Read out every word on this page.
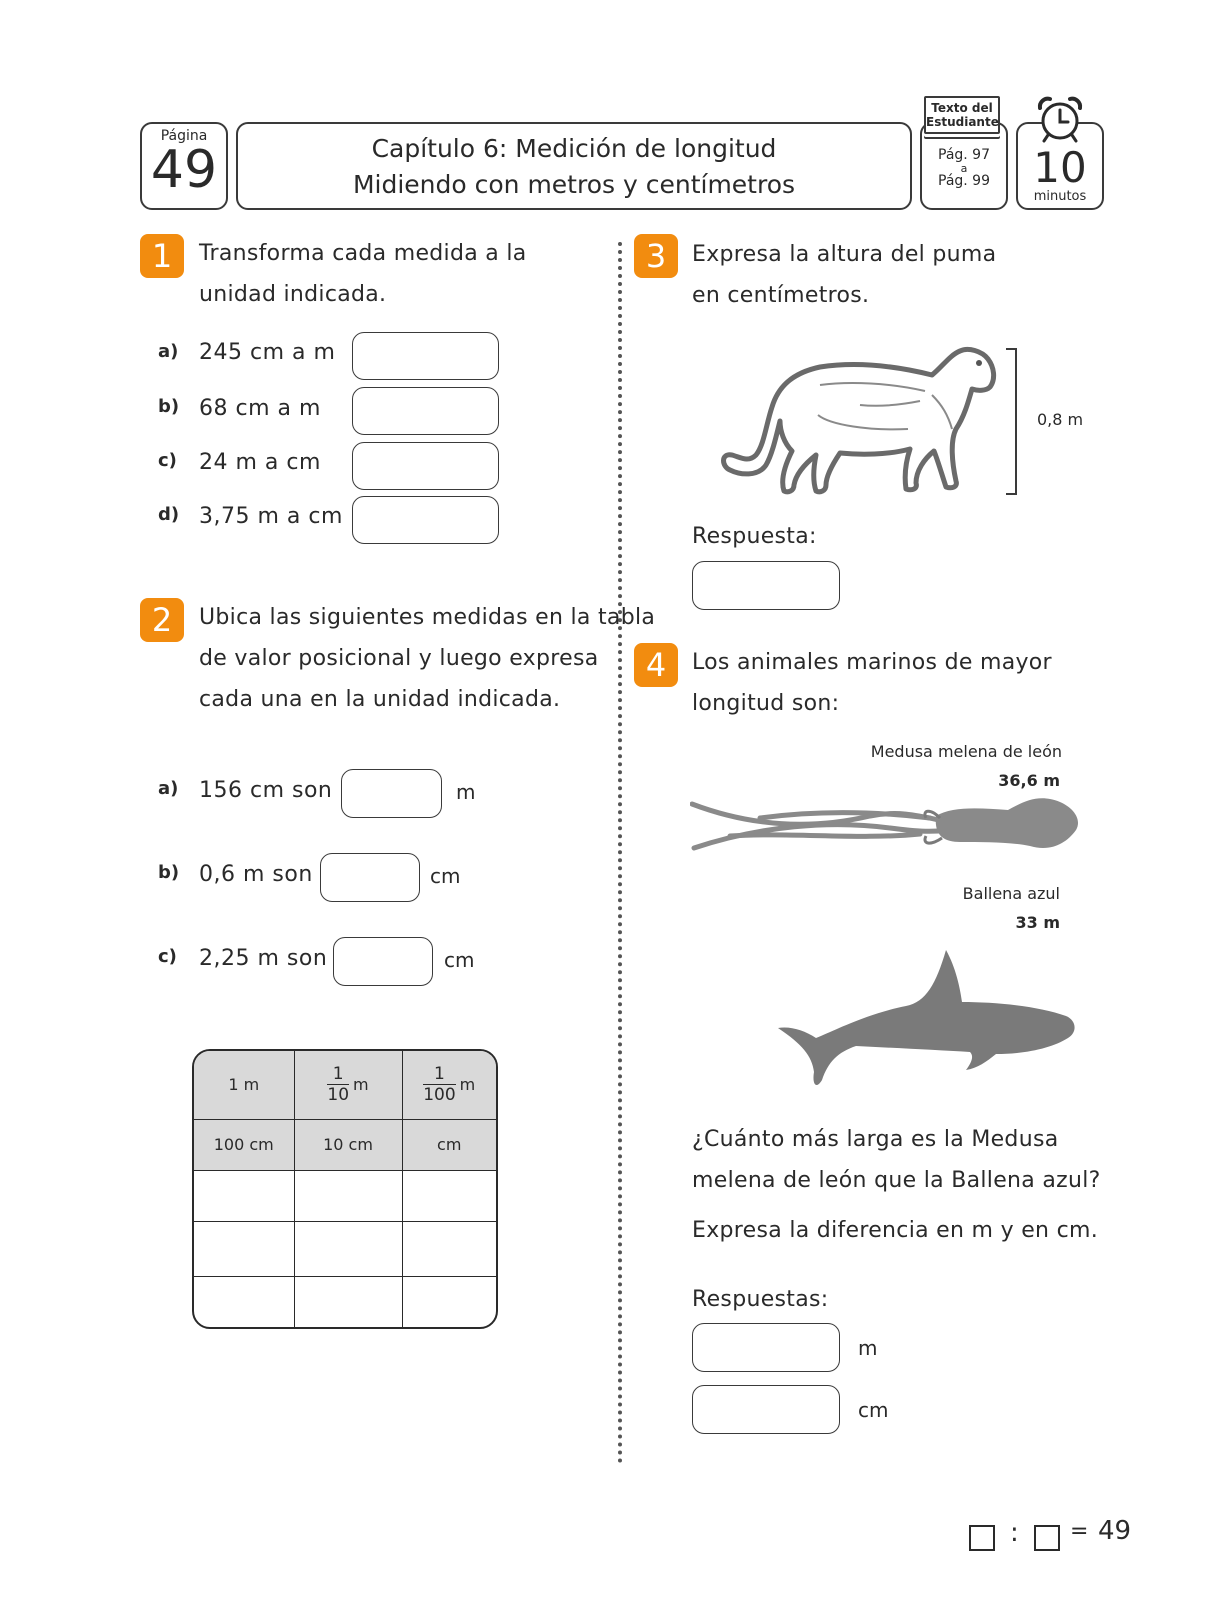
Página
49	Capítulo 6: Medición de longitud
Midiendo con metros y centímetros
Texto del Estudiante
Pág. 97
a
Pág. 99	10
minutos
1	Transforma cada medida a la
unidad indicada.
a) 245 cm a m
b) 68 cm a m
c) 24 m a cm
d) 3,75 m a cm
2	Ubica las siguientes medidas en la tabla
de valor posicional y luego expresa
cada una en la unidad indicada.
a) 156 cm son	m
b) 0,6 m son	cm
c) 2,25 m son	cm
1 m	$\frac{1}{10}$ m	$\frac{1}{100}$ m
100 cm	10 cm	cm

3	Expresa la altura del puma
en centímetros.
0,8 m
Respuesta:
4	Los animales marinos de mayor
longitud son:
Medusa melena de león
36,6 m
Ballena azul
33 m
¿Cuánto más larga es la Medusa
melena de león que la Ballena azul?
Expresa la diferencia en m y en cm.
Respuestas:
m
cm
: = 49
